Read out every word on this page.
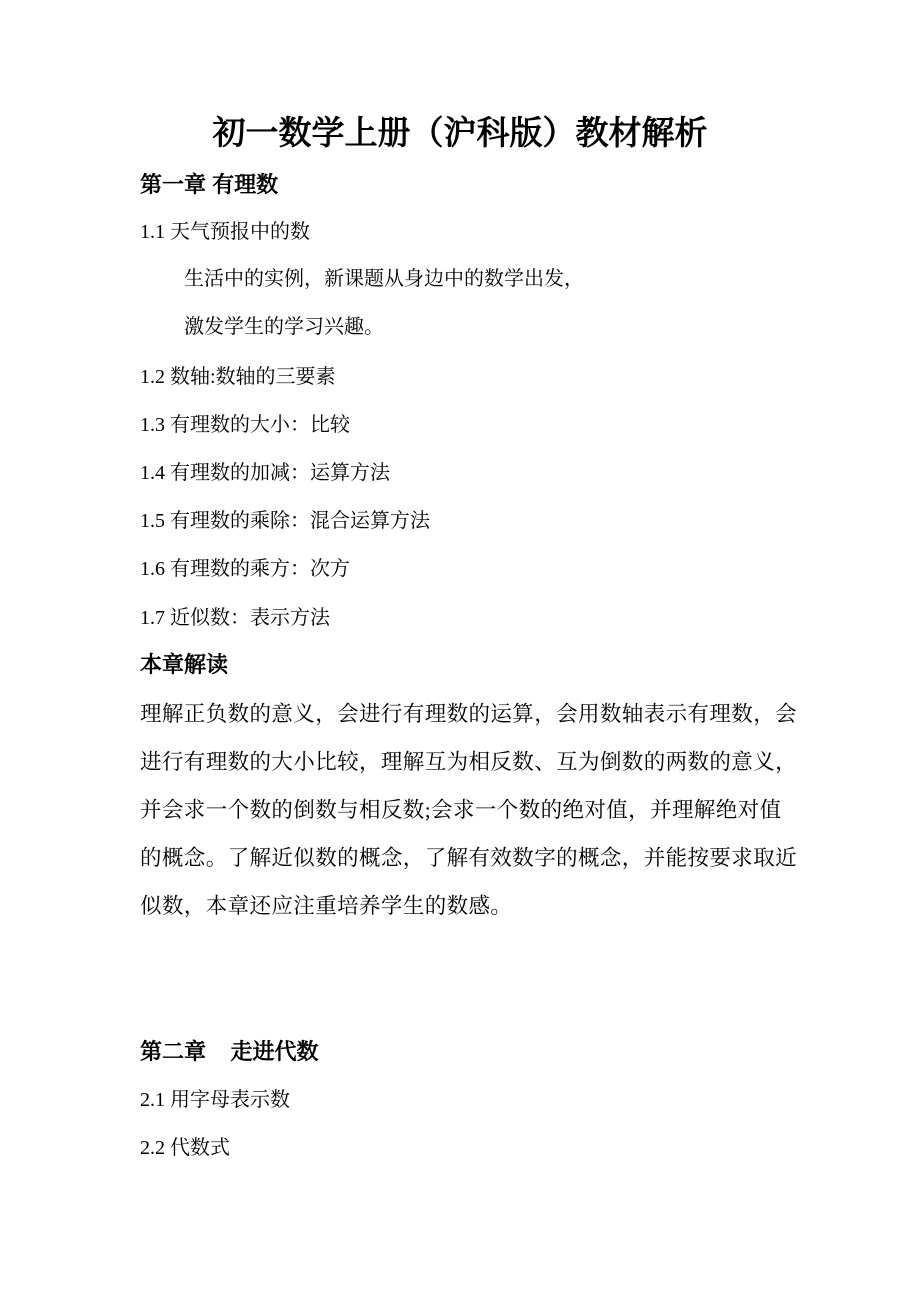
初一数学上册（沪科版）教材解析
第一章 有理数
1.1 天气预报中的数
生活中的实例，新课题从身边中的数学出发，
激发学生的学习兴趣。
1.2 数轴:数轴的三要素
1.3 有理数的大小：比较
1.4 有理数的加减：运算方法
1.5 有理数的乘除：混合运算方法
1.6 有理数的乘方：次方
1.7 近似数：表示方法
本章解读
理解正负数的意义，会进行有理数的运算，会用数轴表示有理数，会
进行有理数的大小比较，理解互为相反数、互为倒数的两数的意义，
并会求一个数的倒数与相反数;会求一个数的绝对值，并理解绝对值
的概念。了解近似数的概念，了解有效数字的概念，并能按要求取近
似数，本章还应注重培养学生的数感。
第二章    走进代数
2.1 用字母表示数
2.2 代数式
